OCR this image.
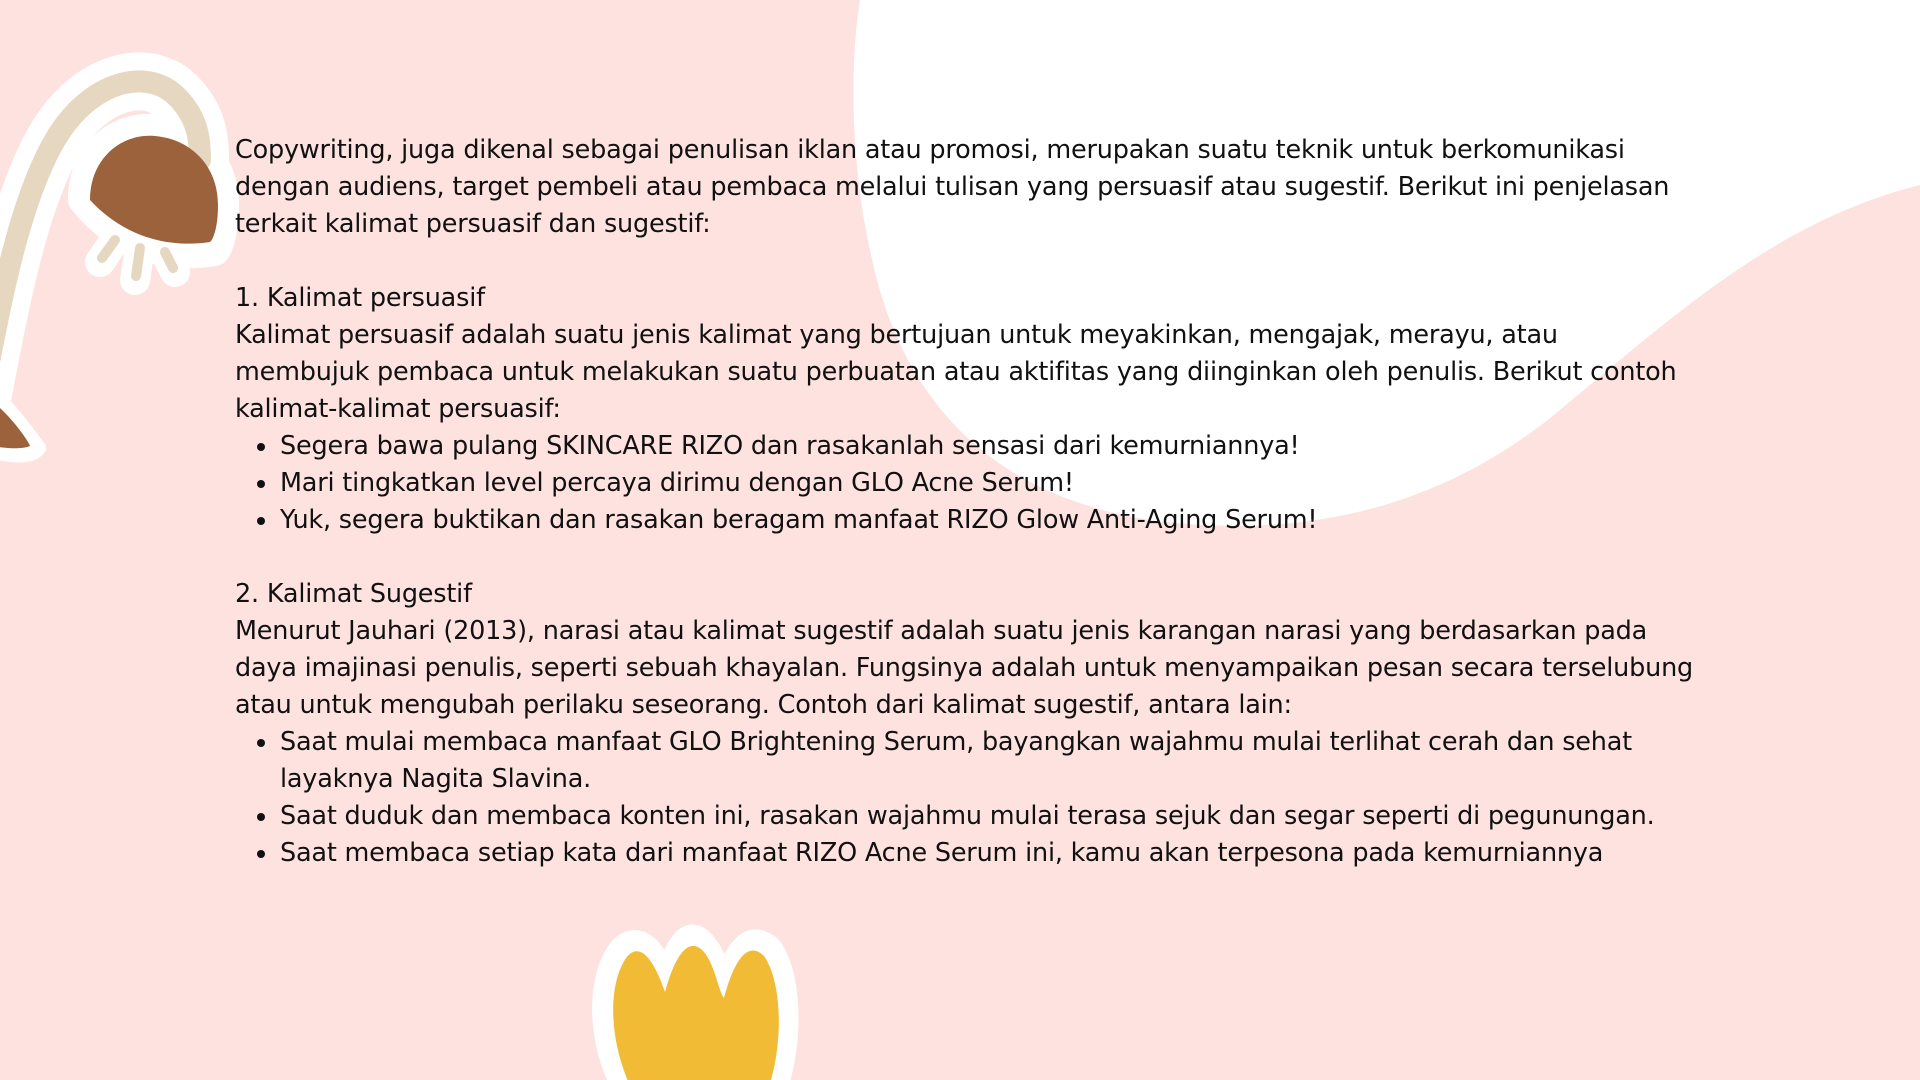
Copywriting, juga dikenal sebagai penulisan iklan atau promosi, merupakan suatu teknik untuk berkomunikasi dengan audiens, target pembeli atau pembaca melalui tulisan yang persuasif atau sugestif. Berikut ini penjelasan terkait kalimat persuasif dan sugestif:

1. Kalimat persuasif

Kalimat persuasif adalah suatu jenis kalimat yang bertujuan untuk meyakinkan, mengajak, merayu, atau membujuk pembaca untuk melakukan suatu perbuatan atau aktifitas yang diinginkan oleh penulis. Berikut contoh kalimat-kalimat persuasif:

Segera bawa pulang SKINCARE RIZO dan rasakanlah sensasi dari kemurniannya!
Mari tingkatkan level percaya dirimu dengan GLO Acne Serum!
Yuk, segera buktikan dan rasakan beragam manfaat RIZO Glow Anti-Aging Serum!

2. Kalimat Sugestif

Menurut Jauhari (2013), narasi atau kalimat sugestif adalah suatu jenis karangan narasi yang berdasarkan pada daya imajinasi penulis, seperti sebuah khayalan. Fungsinya adalah untuk menyampaikan pesan secara terselubung atau untuk mengubah perilaku seseorang. Contoh dari kalimat sugestif, antara lain:

Saat mulai membaca manfaat GLO Brightening Serum, bayangkan wajahmu mulai terlihat cerah dan sehat layaknya Nagita Slavina.
Saat duduk dan membaca konten ini, rasakan wajahmu mulai terasa sejuk dan segar seperti di pegunungan.
Saat membaca setiap kata dari manfaat RIZO Acne Serum ini, kamu akan terpesona pada kemurniannya
